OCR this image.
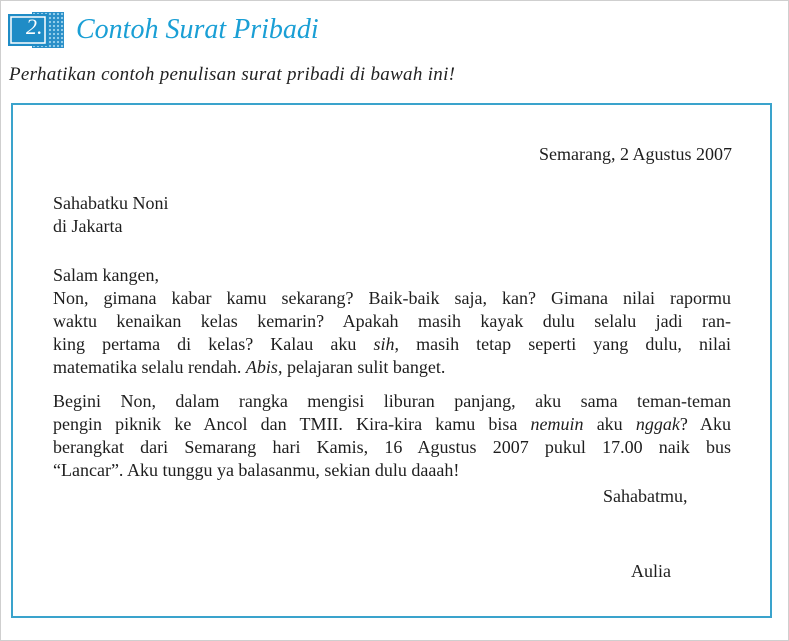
2. Contoh Surat Pribadi
Perhatikan contoh penulisan surat pribadi di bawah ini!
Semarang, 2 Agustus 2007
Sahabatku Noni
di Jakarta
Salam kangen,
Non, gimana kabar kamu sekarang? Baik-baik saja, kan? Gimana nilai rapormu
waktu kenaikan kelas kemarin? Apakah masih kayak dulu selalu jadi ran-
king pertama di kelas? Kalau aku sih, masih tetap seperti yang dulu, nilai
matematika selalu rendah. Abis, pelajaran sulit banget.
Begini Non, dalam rangka mengisi liburan panjang, aku sama teman-teman
pengin piknik ke Ancol dan TMII. Kira-kira kamu bisa nemuin aku nggak? Aku
berangkat dari Semarang hari Kamis, 16 Agustus 2007 pukul 17.00 naik bus
“Lancar”. Aku tunggu ya balasanmu, sekian dulu daaah!
Sahabatmu,
Aulia
